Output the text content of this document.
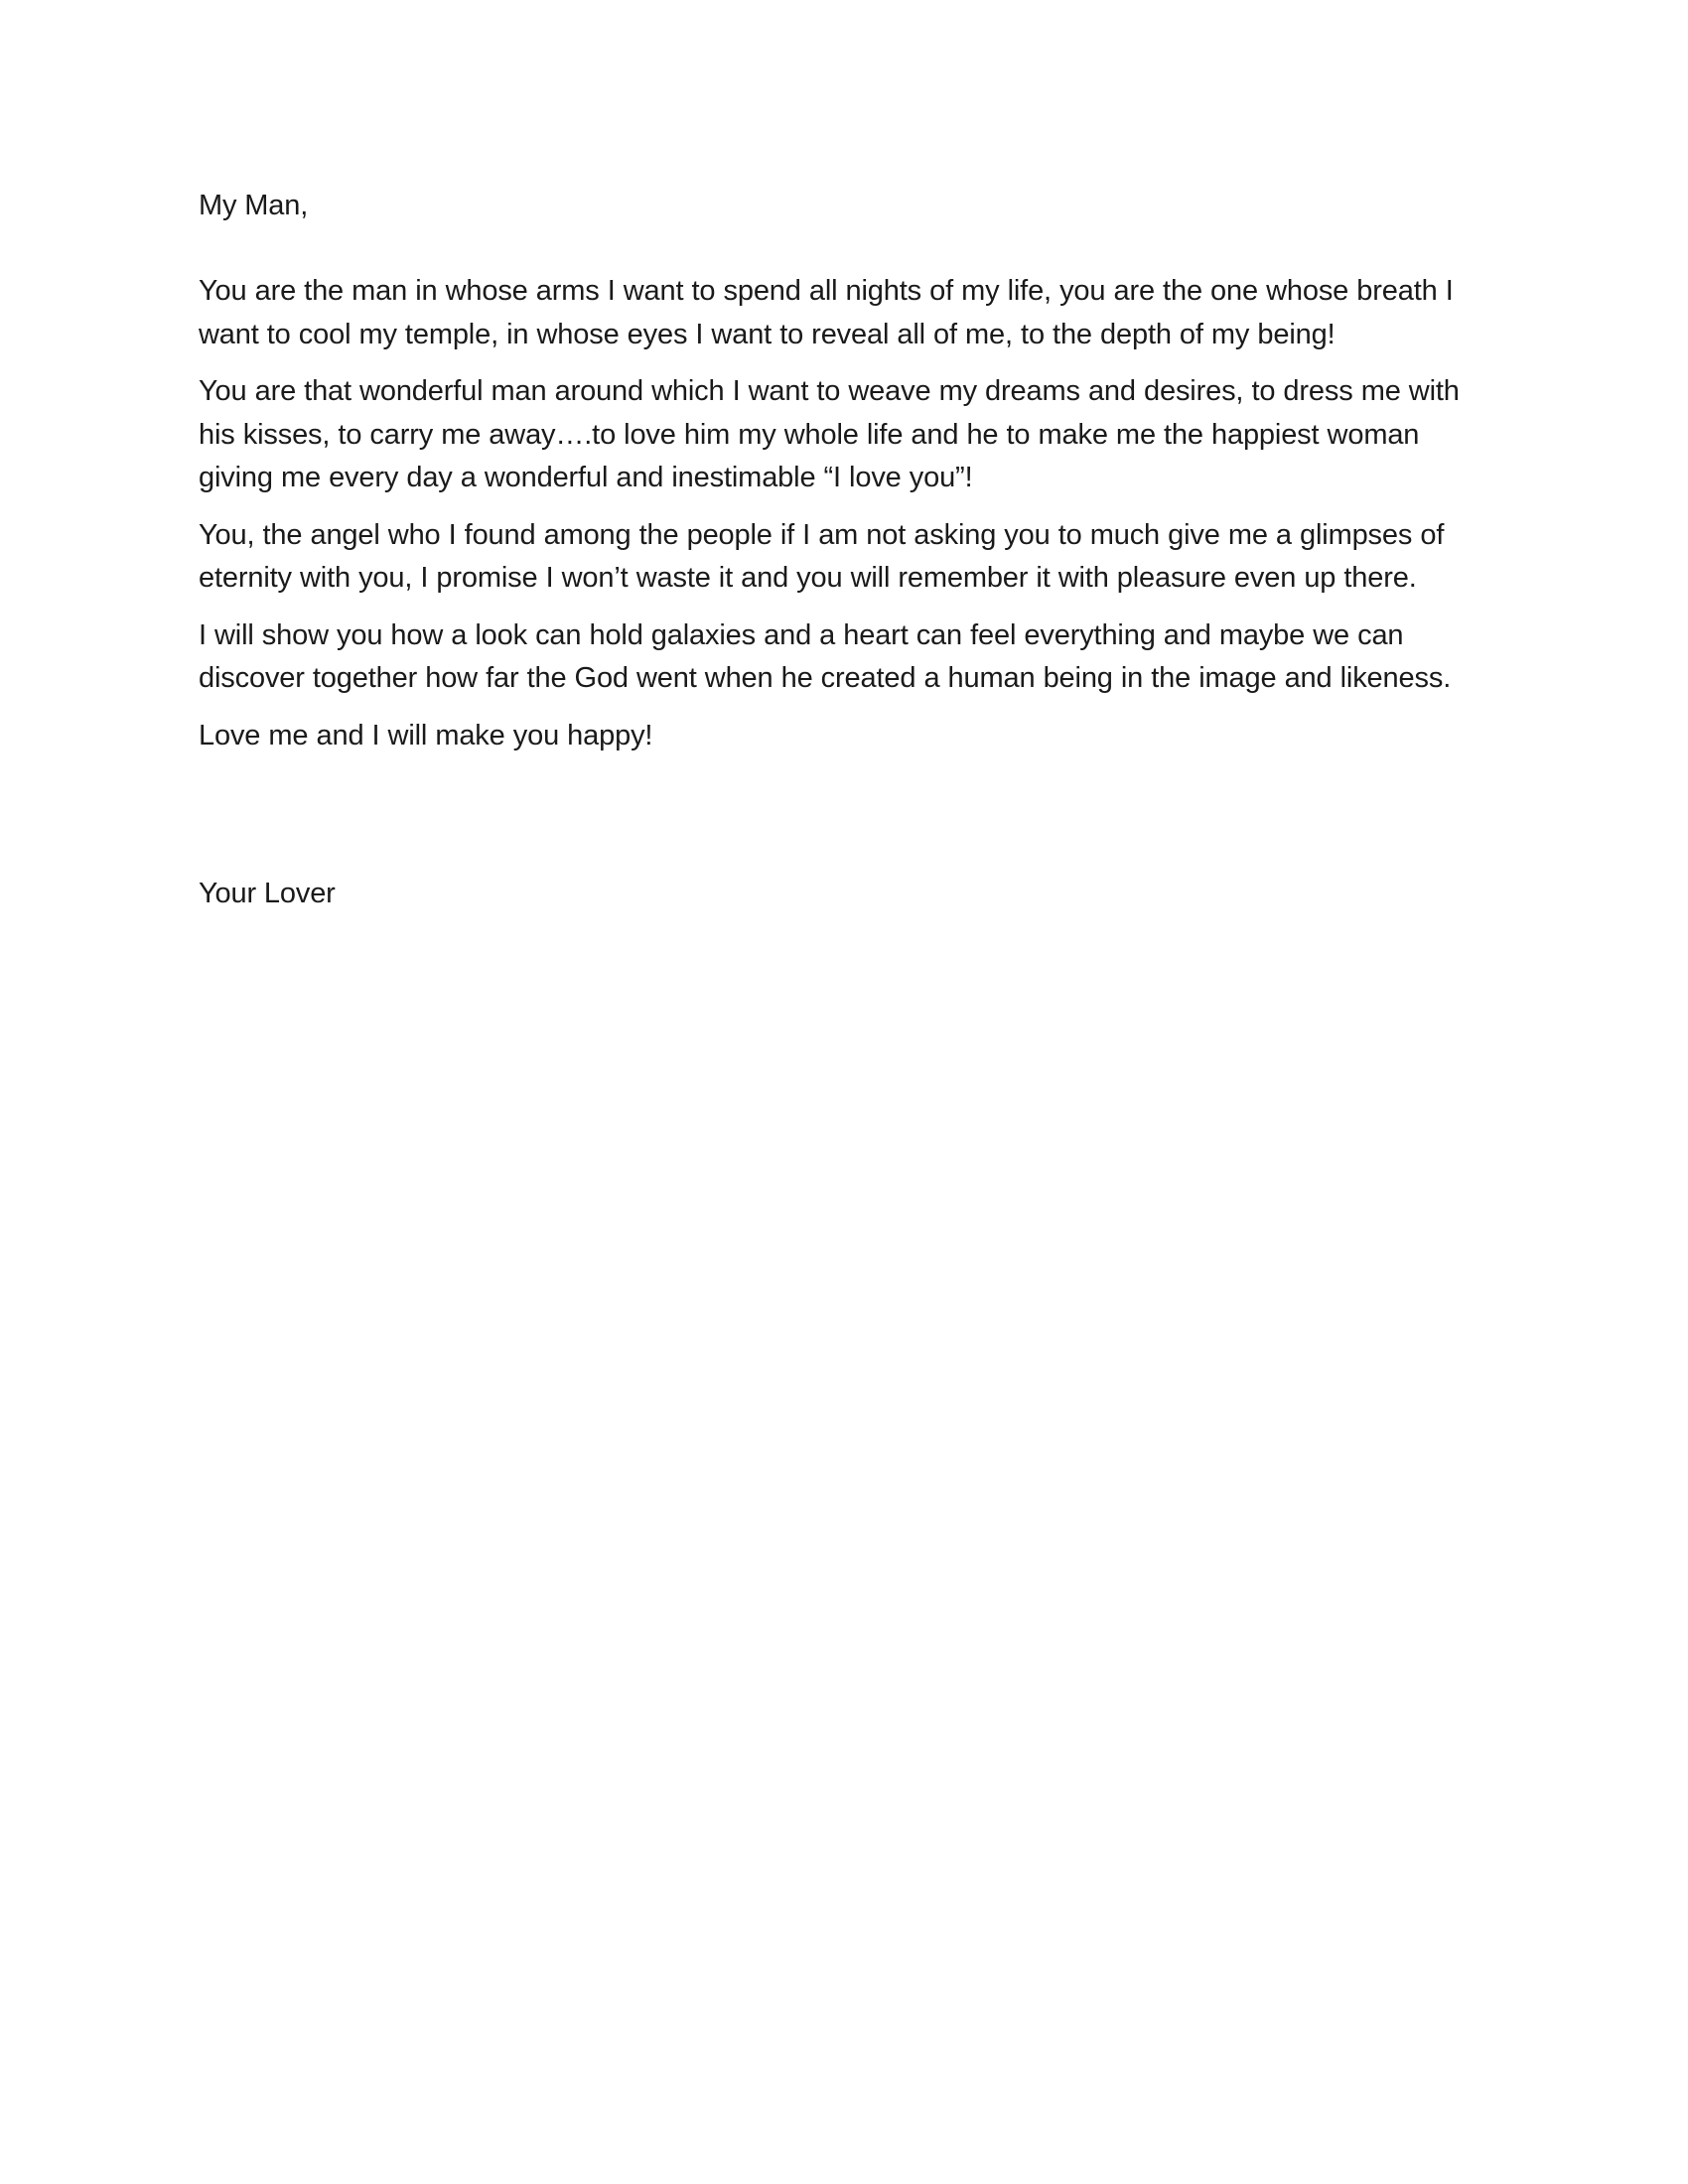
My Man,

You are the man in whose arms I want to spend all nights of my life, you are the one whose breath I want to cool my temple, in whose eyes I want to reveal all of me, to the depth of my being!

You are that wonderful man around which I want to weave my dreams and desires, to dress me with his kisses, to carry me away….to love him my whole life and he to make me the happiest woman giving me every day a wonderful and inestimable “I love you”!

You, the angel who I found among the people if I am not asking you to much give me a glimpses of eternity with you, I promise I won’t waste it and you will remember it with pleasure even up there.

I will show you how a look can hold galaxies and a heart can feel everything and maybe we can discover together how far the God went when he created a human being in the image and likeness.

Love me and I will make you happy!

Your Lover
